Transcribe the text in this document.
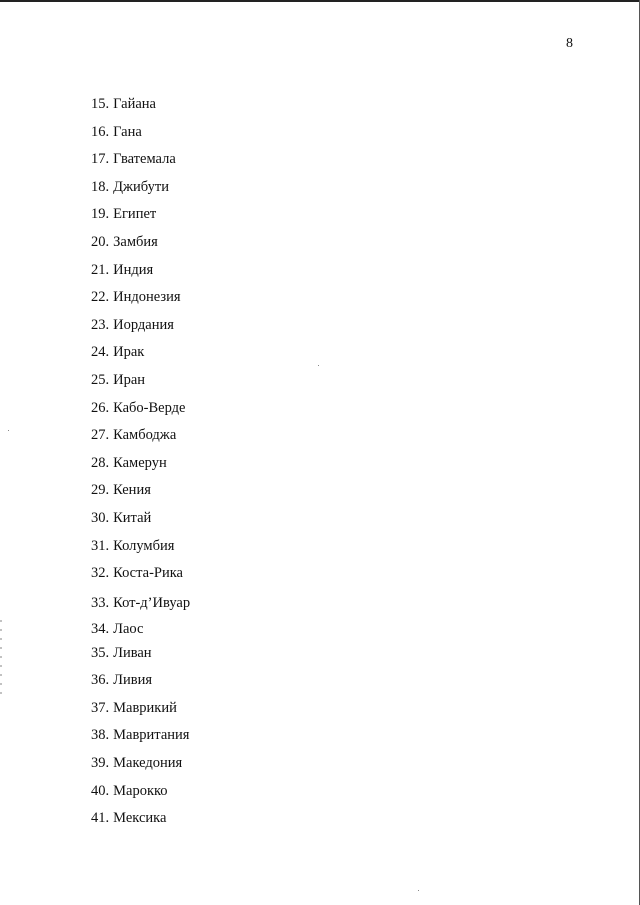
8
15. Гайана
16. Гана
17. Гватемала
18. Джибути
19. Египет
20. Замбия
21. Индия
22. Индонезия
23. Иордания
24. Ирак
25. Иран
26. Кабо-Верде
27. Камбоджа
28. Камерун
29. Кения
30. Китай
31. Колумбия
32. Коста-Рика
33. Кот-д’Ивуар
34. Лаос
35. Ливан
36. Ливия
37. Маврикий
38. Мавритания
39. Македония
40. Марокко
41. Мексика
